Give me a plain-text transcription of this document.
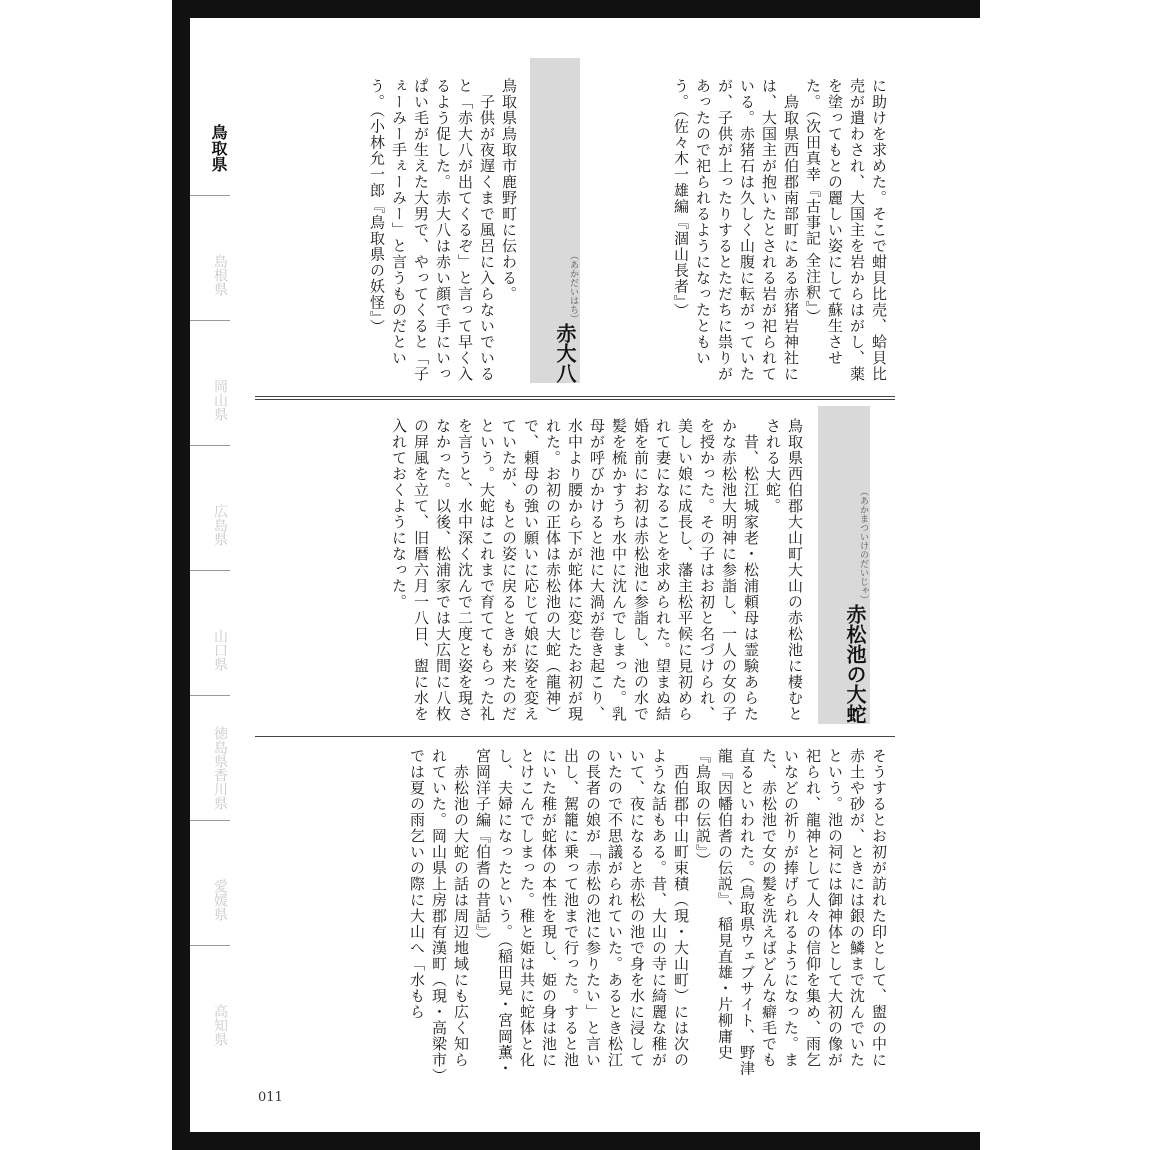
鳥取県
島根県
岡山県
広島県
山口県
徳島県香川県
愛媛県
高知県
に助けを求めた。そこで蚶貝比売、蛤貝比売が遣わされ、大国主を岩からはがし、薬を塗ってもとの麗しい姿にして蘇生させた。（次田真幸『古事記 全注釈』）
　鳥取県西伯郡南部町にある赤猪岩神社には、大国主が抱いたとされる岩が祀られている。赤猪石は久しく山腹に転がっていたが、子供が上ったりするとただちに祟りがあったので祀られるようになったともいう。（佐々木一雄編『涸山長者』）
赤大八
（あかだいはち）
鳥取県鳥取市鹿野町に伝わる。
　子供が夜遅くまで風呂に入らないでいると「赤大八が出てくるぞ」と言って早く入るよう促した。赤大八は赤い顔で手にいっぱい毛が生えた大男で、やってくると「子ぇーみー手ぇーみー」と言うものだという。（小林允一郎『鳥取県の妖怪』）
赤松池の大蛇
（あかまついけのだいじゃ）
鳥取県西伯郡大山町大山の赤松池に棲むとされる大蛇。
　昔、松江城家老・松浦頼母は霊験あらたかな赤松池大明神に参詣し、一人の女の子を授かった。その子はお初と名づけられ、美しい娘に成長し、藩主松平候に見初められて妻になることを求められた。望まぬ結婚を前にお初は赤松池に参詣し、池の水で髪を梳かすうち水中に沈んでしまった。乳母が呼びかけると池に大渦が巻き起こり、水中より腰から下が蛇体に変じたお初が現れた。お初の正体は赤松池の大蛇（龍神）で、頼母の強い願いに応じて娘に姿を変えていたが、もとの姿に戻るときが来たのだという。大蛇はこれまで育ててもらった礼を言うと、水中深く沈んで二度と姿を現さなかった。以後、松浦家では大広間に八枚の屏風を立て、旧暦六月一八日、盥に水を入れておくようになった。
そうするとお初が訪れた印として、盥の中に赤土や砂が、ときには銀の鱗まで沈んでいたという。池の祠には御神体として大初の像が祀られ、龍神として人々の信仰を集め、雨乞いなどの祈りが捧げられるようになった。また、赤松池で女の髪を洗えばどんな癖毛でも直るといわれた。（鳥取県ウェブサイト、野津龍『因幡伯耆の伝説』、稲見直雄・片柳庸史『鳥取の伝説』）
　西伯郡中山町束積（現・大山町）には次のような話もある。昔、大山の寺に綺麗な稚がいて、夜になると赤松の池で身を水に浸していたので不思議がられていた。あるとき松江の長者の娘が「赤松の池に参りたい」と言い出し、駕籠に乗って池まで行った。すると池にいた稚が蛇体の本性を現し、姫の身は池にとけこんでしまった。稚と姫は共に蛇体と化し、夫婦になったという。（稲田晃・宮岡薫・宮岡洋子編『伯耆の昔話』）
　赤松池の大蛇の話は周辺地域にも広く知られていた。岡山県上房郡有漢町（現・高梁市）では夏の雨乞いの際に大山へ「水もら
011
